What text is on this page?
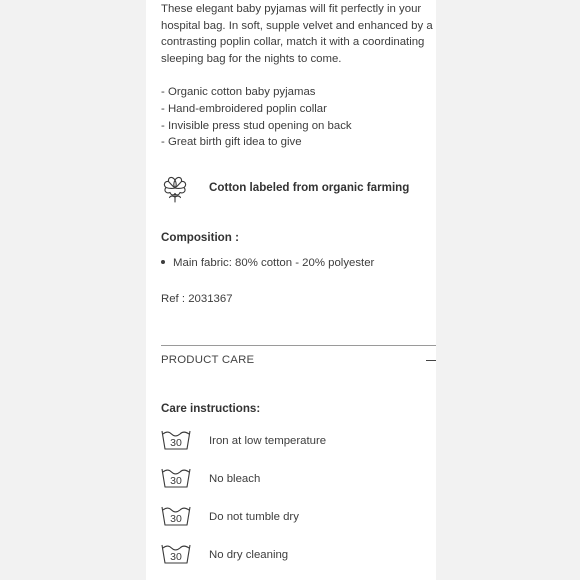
These elegant baby pyjamas will fit perfectly in your hospital bag. In soft, supple velvet and enhanced by a contrasting poplin collar, match it with a coordinating sleeping bag for the nights to come.

- Organic cotton baby pyjamas
- Hand-embroidered poplin collar
- Invisible press stud opening on back
- Great birth gift idea to give
Cotton labeled from organic farming
Composition :
Main fabric: 80% cotton - 20% polyester
Ref : 2031367
PRODUCT CARE
Care instructions:
30 Iron at low temperature
30 No bleach
30 Do not tumble dry
30 No dry cleaning
